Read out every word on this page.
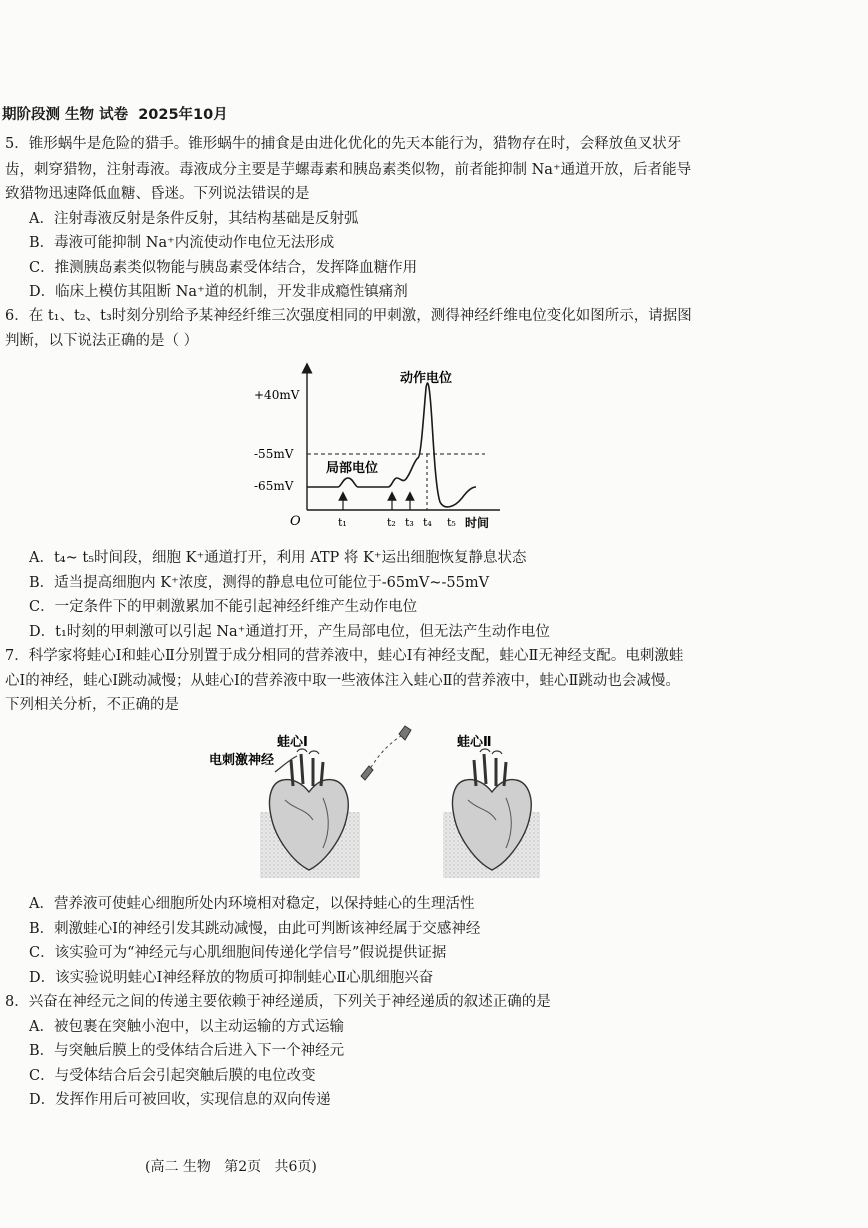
期阶段测 生物 试卷  2025年10月
5．锥形蜗牛是危险的猎手。锥形蜗牛的捕食是由进化优化的先天本能行为，猎物存在时，会释放鱼叉状牙
齿，刺穿猎物，注射毒液。毒液成分主要是芋螺毒素和胰岛素类似物，前者能抑制 Na⁺通道开放，后者能导
致猎物迅速降低血糖、昏迷。下列说法错误的是
A．注射毒液反射是条件反射，其结构基础是反射弧
B．毒液可能抑制 Na⁺内流使动作电位无法形成
C．推测胰岛素类似物能与胰岛素受体结合，发挥降血糖作用
D．临床上模仿其阻断 Na⁺道的机制，开发非成瘾性镇痛剂
6．在 t₁、t₂、t₃时刻分别给予某神经纤维三次强度相同的甲刺激，测得神经纤维电位变化如图所示，请据图
判断，以下说法正确的是（ ）
+40mV
-55mV
-65mV
动作电位
局部电位
O	t₁	t₂ t₃ t₄ t₅ 时间
A．t₄~ t₅时间段，细胞 K⁺通道打开，利用 ATP 将 K⁺运出细胞恢复静息状态
B．适当提高细胞内 K⁺浓度，测得的静息电位可能位于-65mV~-55mV
C．一定条件下的甲刺激累加不能引起神经纤维产生动作电位
D．t₁时刻的甲刺激可以引起 Na⁺通道打开，产生局部电位，但无法产生动作电位
7．科学家将蛙心Ⅰ和蛙心Ⅱ分别置于成分相同的营养液中，蛙心Ⅰ有神经支配，蛙心Ⅱ无神经支配。电刺激蛙
心Ⅰ的神经，蛙心Ⅰ跳动减慢；从蛙心Ⅰ的营养液中取一些液体注入蛙心Ⅱ的营养液中，蛙心Ⅱ跳动也会减慢。
下列相关分析，不正确的是
蛙心Ⅰ	蛙心Ⅱ
电刺激神经
A．营养液可使蛙心细胞所处内环境相对稳定，以保持蛙心的生理活性
B．刺激蛙心Ⅰ的神经引发其跳动减慢，由此可判断该神经属于交感神经
C．该实验可为“神经元与心肌细胞间传递化学信号”假说提供证据
D．该实验说明蛙心Ⅰ神经释放的物质可抑制蛙心Ⅱ心肌细胞兴奋
8．兴奋在神经元之间的传递主要依赖于神经递质，下列关于神经递质的叙述正确的是
A．被包裹在突触小泡中，以主动运输的方式运输
B．与突触后膜上的受体结合后进入下一个神经元
C．与受体结合后会引起突触后膜的电位改变
D．发挥作用后可被回收，实现信息的双向传递
(高二 生物   第2页   共6页)
